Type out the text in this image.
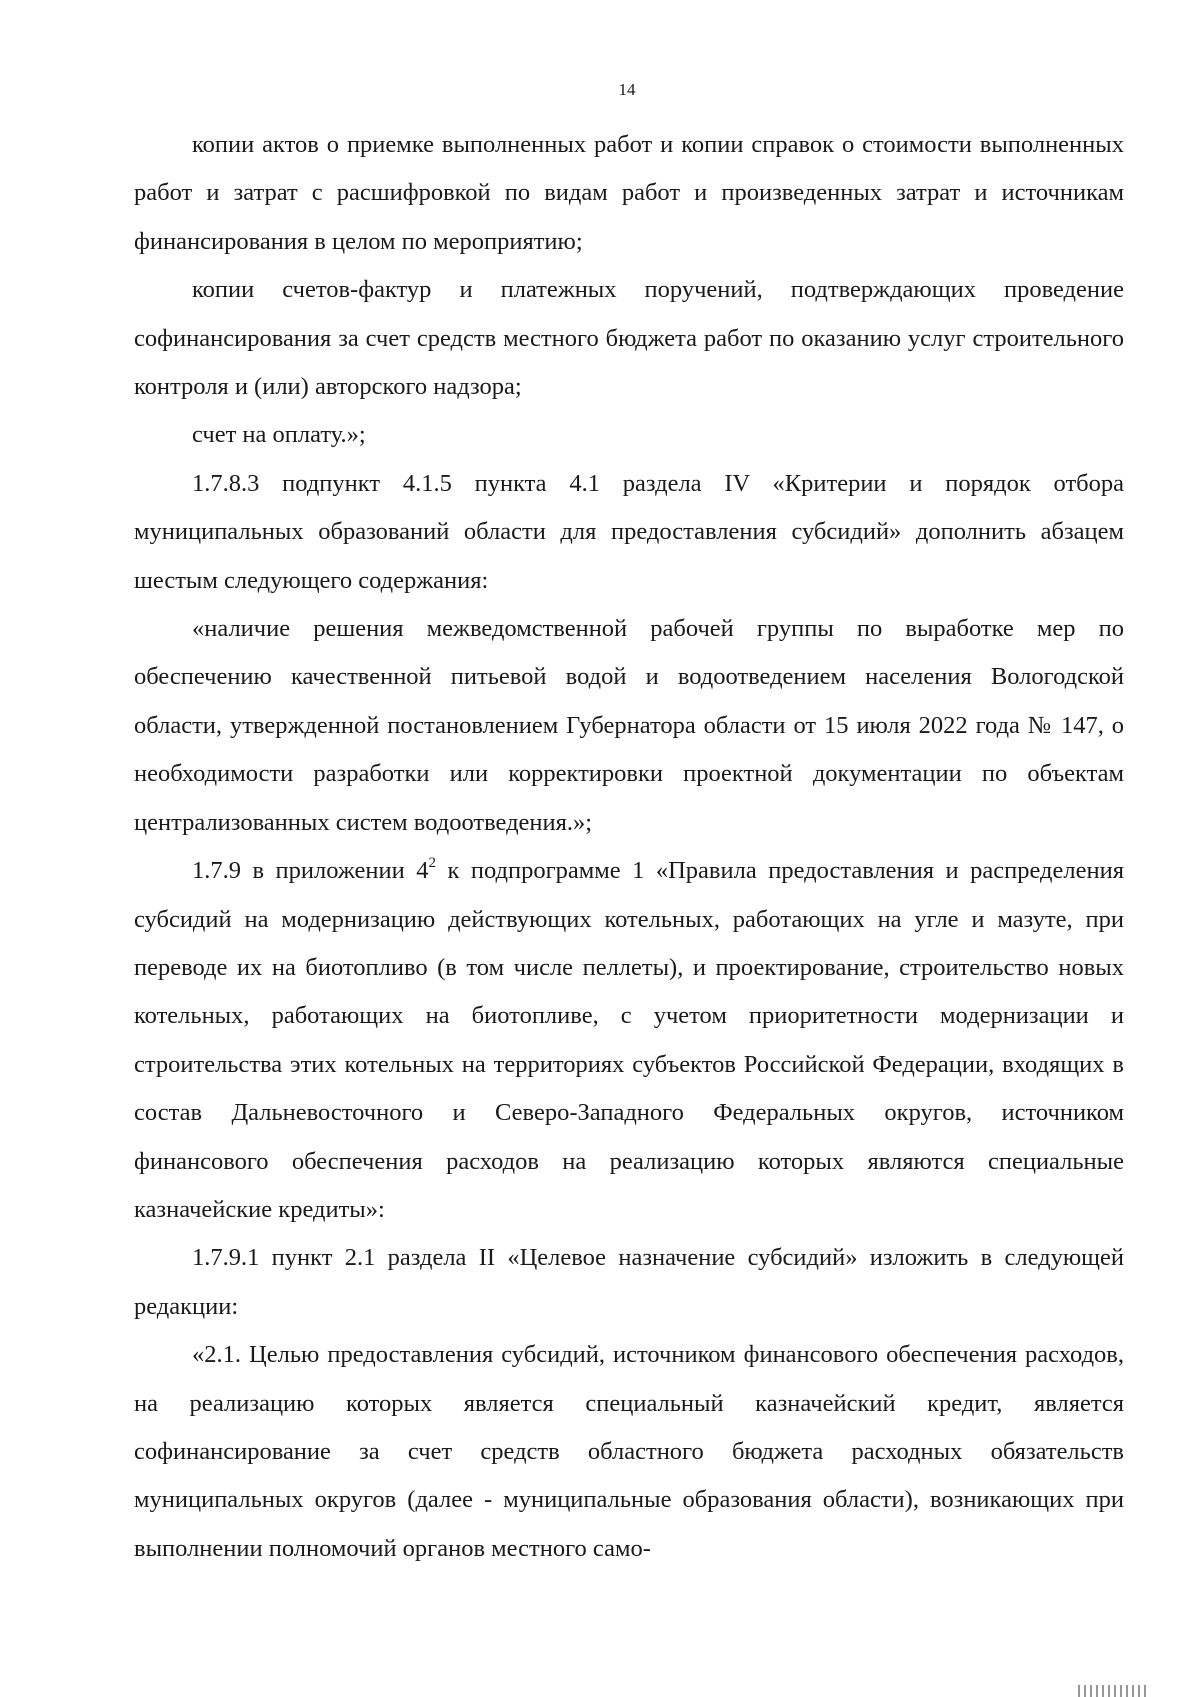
14

копии актов о приемке выполненных работ и копии справок о стоимости выполненных работ и затрат с расшифровкой по видам работ и произведенных затрат и источникам финансирования в целом по мероприятию;

копии счетов-фактур и платежных поручений, подтверждающих проведение софинансирования за счет средств местного бюджета работ по оказанию услуг строительного контроля и (или) авторского надзора;

счет на оплату.»;

1.7.8.3 подпункт 4.1.5 пункта 4.1 раздела IV «Критерии и порядок отбора муниципальных образований области для предоставления субсидий» дополнить абзацем шестым следующего содержания:

«наличие решения межведомственной рабочей группы по выработке мер по обеспечению качественной питьевой водой и водоотведением населения Вологодской области, утвержденной постановлением Губернатора области от 15 июля 2022 года № 147, о необходимости разработки или корректировки проектной документации по объектам централизованных систем водоотведения.»;

1.7.9 в приложении $4^2$ к подпрограмме 1 «Правила предоставления и распределения субсидий на модернизацию действующих котельных, работающих на угле и мазуте, при переводе их на биотопливо (в том числе пеллеты), и проектирование, строительство новых котельных, работающих на биотопливе, с учетом приоритетности модернизации и строительства этих котельных на территориях субъектов Российской Федерации, входящих в состав Дальневосточного и Северо-Западного Федеральных округов, источником финансового обеспечения расходов на реализацию которых являются специальные казначейские кредиты»:

1.7.9.1 пункт 2.1 раздела II «Целевое назначение субсидий» изложить в следующей редакции:

«2.1. Целью предоставления субсидий, источником финансового обеспечения расходов, на реализацию которых является специальный казначейский кредит, является софинансирование за счет средств областного бюджета расходных обязательств муниципальных округов (далее - муниципальные образования области), возникающих при выполнении полномочий органов местного само-
